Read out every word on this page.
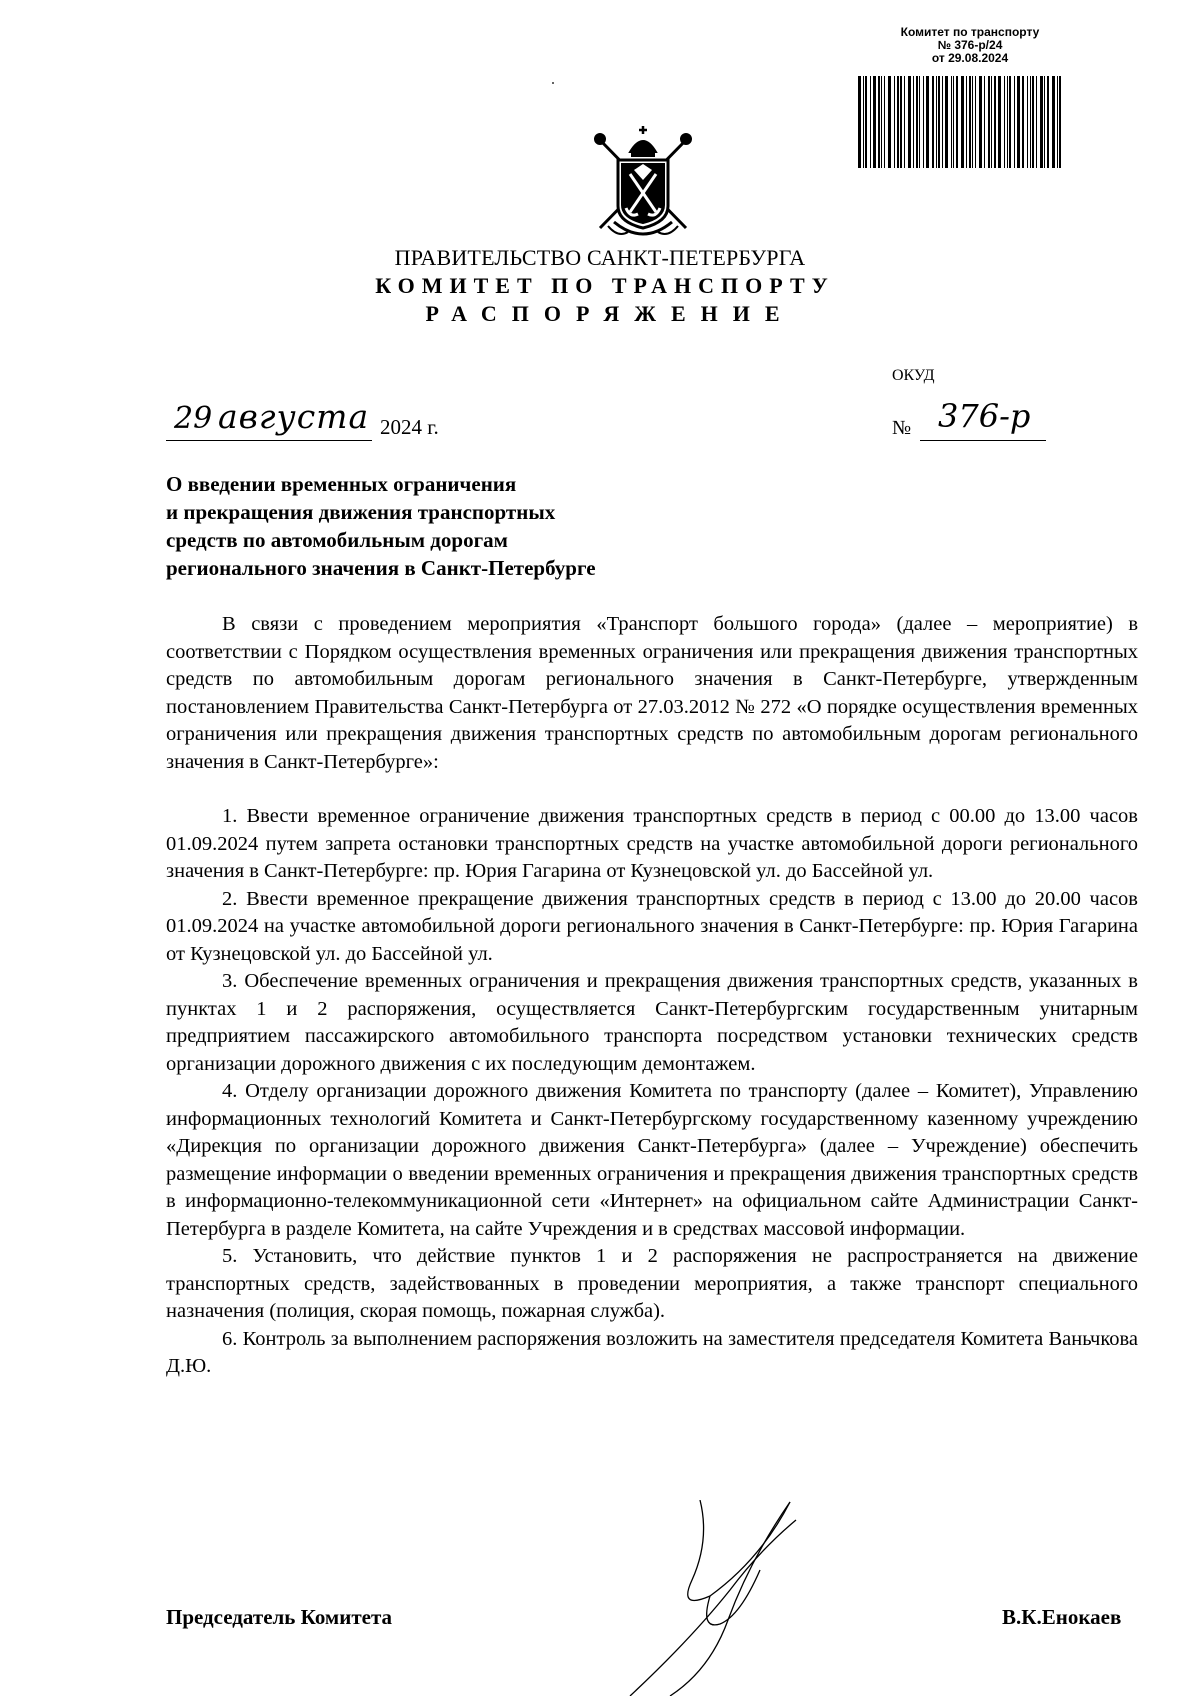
Комитет по транспорту
№ 376-р/24
от 29.08.2024
ПРАВИТЕЛЬСТВО САНКТ-ПЕТЕРБУРГА
КОМИТЕТ ПО ТРАНСПОРТУ
РАСПОРЯЖЕНИЕ
ОКУД
29 августа 2024 г.	№ 376-р
О введении временных ограничения
и прекращения движения транспортных
средств по автомобильным дорогам
регионального значения в Санкт-Петербурге

В связи с проведением мероприятия «Транспорт большого города» (далее – мероприятие) в соответствии с Порядком осуществления временных ограничения или прекращения движения транспортных средств по автомобильным дорогам регионального значения в Санкт-Петербурге, утвержденным постановлением Правительства Санкт-Петербурга от 27.03.2012 № 272 «О порядке осуществления временных ограничения или прекращения движения транспортных средств по автомобильным дорогам регионального значения в Санкт-Петербурге»:

1. Ввести временное ограничение движения транспортных средств в период с 00.00 до 13.00 часов 01.09.2024 путем запрета остановки транспортных средств на участке автомобильной дороги регионального значения в Санкт-Петербурге: пр. Юрия Гагарина от Кузнецовской ул. до Бассейной ул.

2. Ввести временное прекращение движения транспортных средств в период с 13.00 до 20.00 часов 01.09.2024 на участке автомобильной дороги регионального значения в Санкт-Петербурге: пр. Юрия Гагарина от Кузнецовской ул. до Бассейной ул.

3. Обеспечение временных ограничения и прекращения движения транспортных средств, указанных в пунктах 1 и 2 распоряжения, осуществляется Санкт-Петербургским государственным унитарным предприятием пассажирского автомобильного транспорта посредством установки технических средств организации дорожного движения с их последующим демонтажем.

4. Отделу организации дорожного движения Комитета по транспорту (далее – Комитет), Управлению информационных технологий Комитета и Санкт-Петербургскому государственному казенному учреждению «Дирекция по организации дорожного движения Санкт-Петербурга» (далее – Учреждение) обеспечить размещение информации о введении временных ограничения и прекращения движения транспортных средств в информационно-телекоммуникационной сети «Интернет» на официальном сайте Администрации Санкт-Петербурга в разделе Комитета, на сайте Учреждения и в средствах массовой информации.

5. Установить, что действие пунктов 1 и 2 распоряжения не распространяется на движение транспортных средств, задействованных в проведении мероприятия, а также транспорт специального назначения (полиция, скорая помощь, пожарная служба).

6. Контроль за выполнением распоряжения возложить на заместителя председателя Комитета Ваньчкова Д.Ю.

Председатель Комитета	В.К.Енокаев
